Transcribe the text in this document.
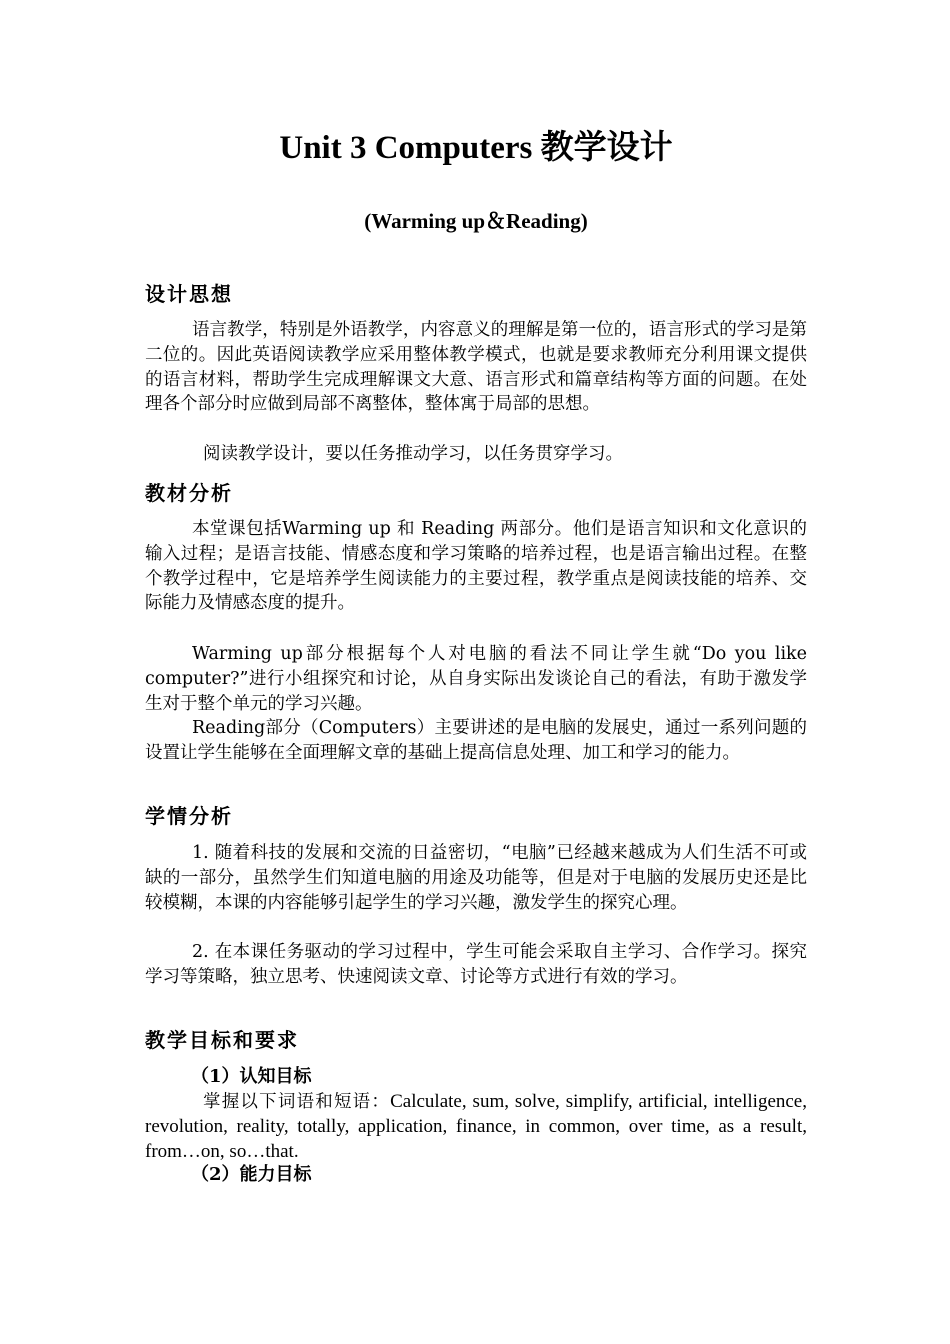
Unit 3 Computers 教学设计
(Warming up＆Reading)
设计思想
语言教学，特别是外语教学，内容意义的理解是第一位的，语言形式的学习是第二位的。因此英语阅读教学应采用整体教学模式，也就是要求教师充分利用课文提供的语言材料，帮助学生完成理解课文大意、语言形式和篇章结构等方面的问题。在处理各个部分时应做到局部不离整体，整体寓于局部的思想。
阅读教学设计，要以任务推动学习，以任务贯穿学习。
教材分析
本堂课包括Warming up 和 Reading 两部分。他们是语言知识和文化意识的输入过程；是语言技能、情感态度和学习策略的培养过程，也是语言输出过程。在整个教学过程中，它是培养学生阅读能力的主要过程，教学重点是阅读技能的培养、交际能力及情感态度的提升。
Warming up部分根据每个人对电脑的看法不同让学生就“Do you like computer?”进行小组探究和讨论，从自身实际出发谈论自己的看法，有助于激发学生对于整个单元的学习兴趣。
Reading部分（Computers）主要讲述的是电脑的发展史，通过一系列问题的设置让学生能够在全面理解文章的基础上提高信息处理、加工和学习的能力。
学情分析
1. 随着科技的发展和交流的日益密切，“电脑”已经越来越成为人们生活不可或缺的一部分，虽然学生们知道电脑的用途及功能等，但是对于电脑的发展历史还是比较模糊，本课的内容能够引起学生的学习兴趣，激发学生的探究心理。
2. 在本课任务驱动的学习过程中，学生可能会采取自主学习、合作学习。探究学习等策略，独立思考、快速阅读文章、讨论等方式进行有效的学习。
教学目标和要求
（1）认知目标
掌握以下词语和短语：Calculate, sum, solve, simplify, artificial, intelligence, revolution, reality, totally, application, finance, in common, over time, as a result, from…on, so…that.
（2）能力目标
